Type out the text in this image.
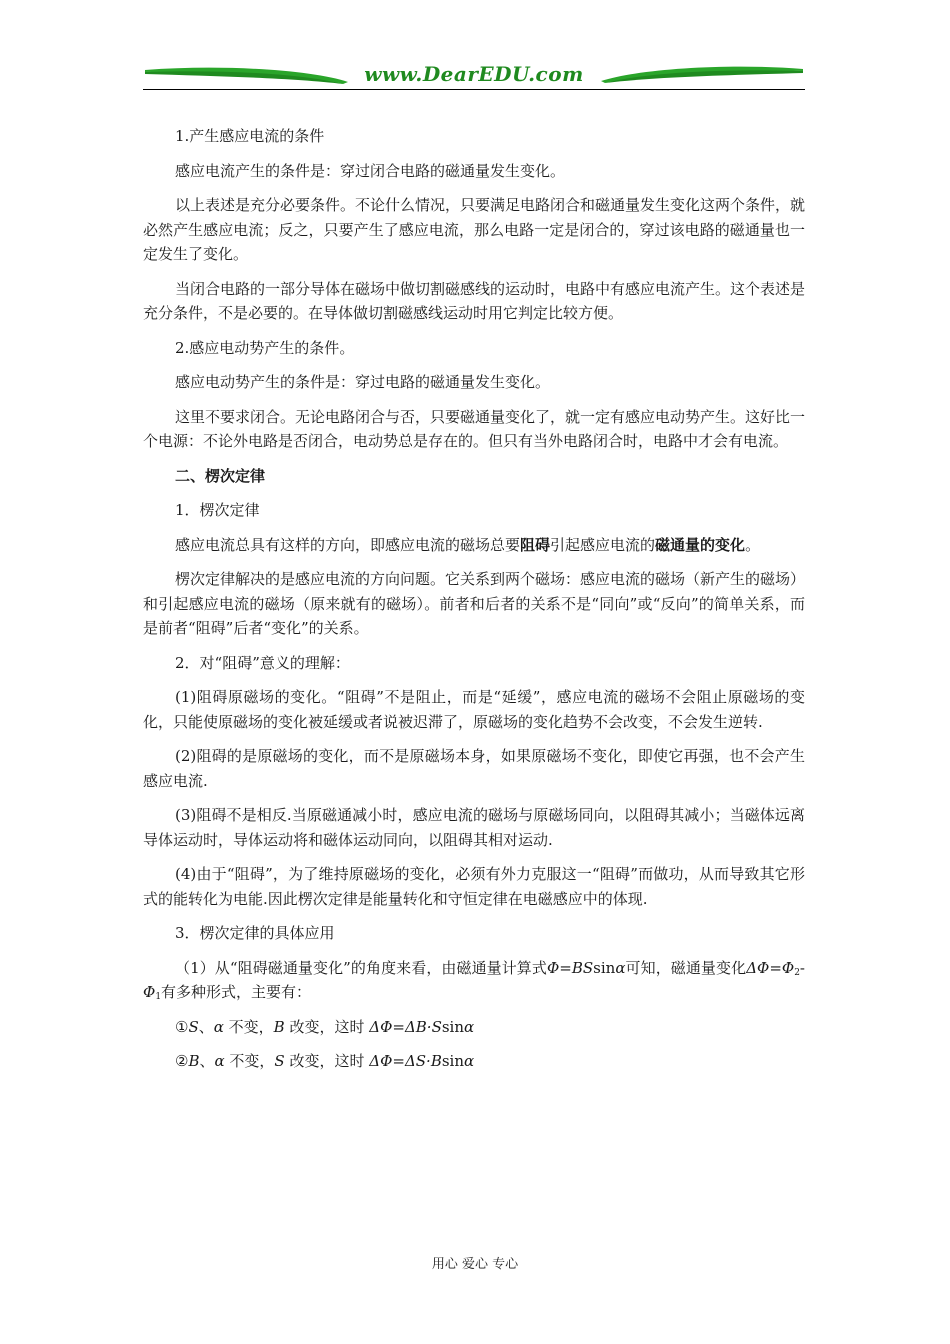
www.DearEDU.com

1.产生感应电流的条件

感应电流产生的条件是：穿过闭合电路的磁通量发生变化。

以上表述是充分必要条件。不论什么情况，只要满足电路闭合和磁通量发生变化这两个条件，就必然产生感应电流；反之，只要产生了感应电流，那么电路一定是闭合的，穿过该电路的磁通量也一定发生了变化。

当闭合电路的一部分导体在磁场中做切割磁感线的运动时，电路中有感应电流产生。这个表述是充分条件，不是必要的。在导体做切割磁感线运动时用它判定比较方便。

2.感应电动势产生的条件。

感应电动势产生的条件是：穿过电路的磁通量发生变化。

这里不要求闭合。无论电路闭合与否，只要磁通量变化了，就一定有感应电动势产生。这好比一个电源：不论外电路是否闭合，电动势总是存在的。但只有当外电路闭合时，电路中才会有电流。

二、楞次定律

1．楞次定律

感应电流总具有这样的方向，即感应电流的磁场总要阻碍引起感应电流的磁通量的变化。

楞次定律解决的是感应电流的方向问题。它关系到两个磁场：感应电流的磁场（新产生的磁场）和引起感应电流的磁场（原来就有的磁场）。前者和后者的关系不是“同向”或“反向”的简单关系，而是前者“阻碍”后者“变化”的关系。

2．对“阻碍”意义的理解：

(1)阻碍原磁场的变化。“阻碍”不是阻止，而是“延缓”，感应电流的磁场不会阻止原磁场的变化，只能使原磁场的变化被延缓或者说被迟滞了，原磁场的变化趋势不会改变，不会发生逆转.

(2)阻碍的是原磁场的变化，而不是原磁场本身，如果原磁场不变化，即使它再强，也不会产生感应电流.

(3)阻碍不是相反.当原磁通减小时，感应电流的磁场与原磁场同向，以阻碍其减小；当磁体远离导体运动时，导体运动将和磁体运动同向，以阻碍其相对运动.

(4)由于“阻碍”，为了维持原磁场的变化，必须有外力克服这一“阻碍”而做功，从而导致其它形式的能转化为电能.因此楞次定律是能量转化和守恒定律在电磁感应中的体现.

3．楞次定律的具体应用

（1）从“阻碍磁通量变化”的角度来看，由磁通量计算式Φ=BSsinα可知，磁通量变化$\Delta\Phi=\Phi_2-\Phi_1$有多种形式，主要有：

①S、α 不变，B 改变，这时 ΔΦ=ΔB·Ssinα

②B、α 不变，S 改变，这时 ΔΦ=ΔS·Bsinα

用心 爱心 专心
